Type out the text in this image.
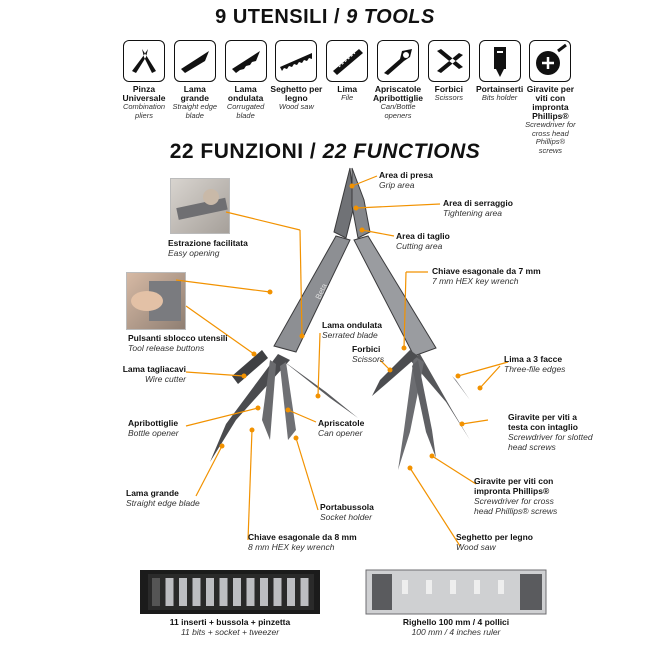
9 UTENSILI / 9 TOOLS
Pinza Universale
Combination pliers
Lama grande
Straight edge blade
Lama ondulata
Corrugated blade
Seghetto per legno
Wood saw
Lima
File
Apriscatole Apribottiglie
Can/Bottle openers
Forbici
Scissors
Portainserti
Bits holder
Giravite per viti con impronta Phillips®
Screwdriver for cross head Phillips® screws
22 FUNZIONI / 22 FUNCTIONS
Beta
Area di presa
Grip area
Area di serraggio
Tightening area
Area di taglio
Cutting area
Chiave esagonale da 7 mm
7 mm HEX key wrench
Estrazione facilitata
Easy opening
Pulsanti sblocco utensili
Tool release buttons
Lama ondulata
Serrated blade
Forbici
Scissors	Lima a 3 facce
Three-file edges
Lama tagliacavi
Wire cutter
Apribottiglie
Bottle opener
Giravite per viti a testa con intaglio
Screwdriver for slotted head screws
Apriscatole
Can opener
Lama grande
Straight edge blade
Giravite per viti con impronta Phillips®
Screwdriver for cross head Phillips® screws
Portabussola
Socket holder
Chiave esagonale da 8 mm
8 mm HEX key wrench
Seghetto per legno
Wood saw
11 inserti + bussola + pinzetta
11 bits + socket + tweezer
Righello 100 mm / 4 pollici
100 mm / 4 inches ruler
